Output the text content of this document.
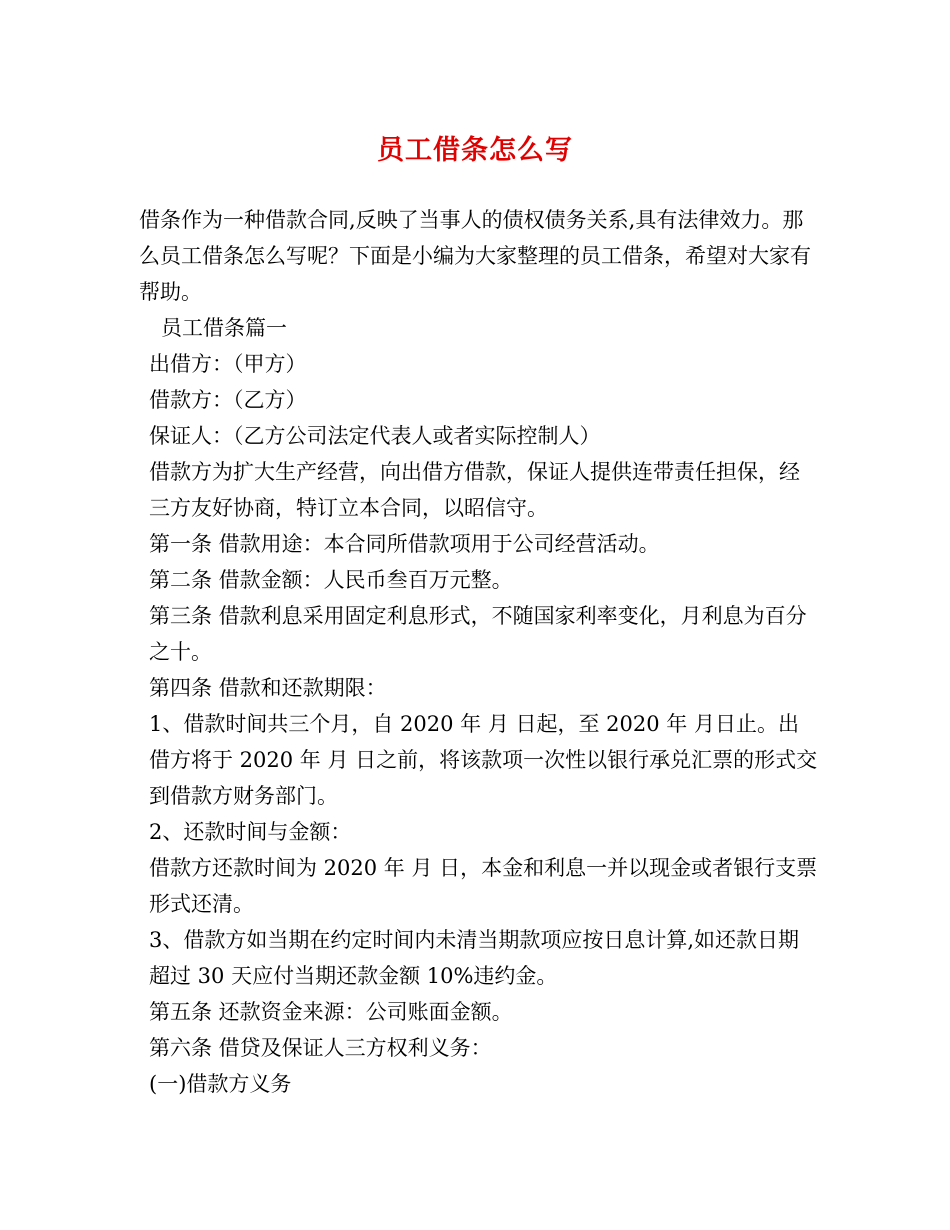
员工借条怎么写

借条作为一种借款合同,反映了当事人的债权债务关系,具有法律效力。那么员工借条怎么写呢？下面是小编为大家整理的员工借条，希望对大家有帮助。

员工借条篇一

出借方：（甲方）

借款方：（乙方）

保证人：（乙方公司法定代表人或者实际控制人）

借款方为扩大生产经营，向出借方借款，保证人提供连带责任担保，经三方友好协商，特订立本合同，以昭信守。

第一条 借款用途：本合同所借款项用于公司经营活动。

第二条 借款金额：人民币叁百万元整。

第三条 借款利息采用固定利息形式，不随国家利率变化，月利息为百分之十。

第四条 借款和还款期限：

1、借款时间共三个月，自 2020 年 月 日起，至 2020 年 月日止。出借方将于 2020 年 月 日之前，将该款项一次性以银行承兑汇票的形式交到借款方财务部门。

2、还款时间与金额：

借款方还款时间为 2020 年 月 日，本金和利息一并以现金或者银行支票形式还清。

3、借款方如当期在约定时间内未清当期款项应按日息计算,如还款日期超过 30 天应付当期还款金额 10%违约金。

第五条 还款资金来源：公司账面金额。

第六条 借贷及保证人三方权利义务：

(一)借款方义务
